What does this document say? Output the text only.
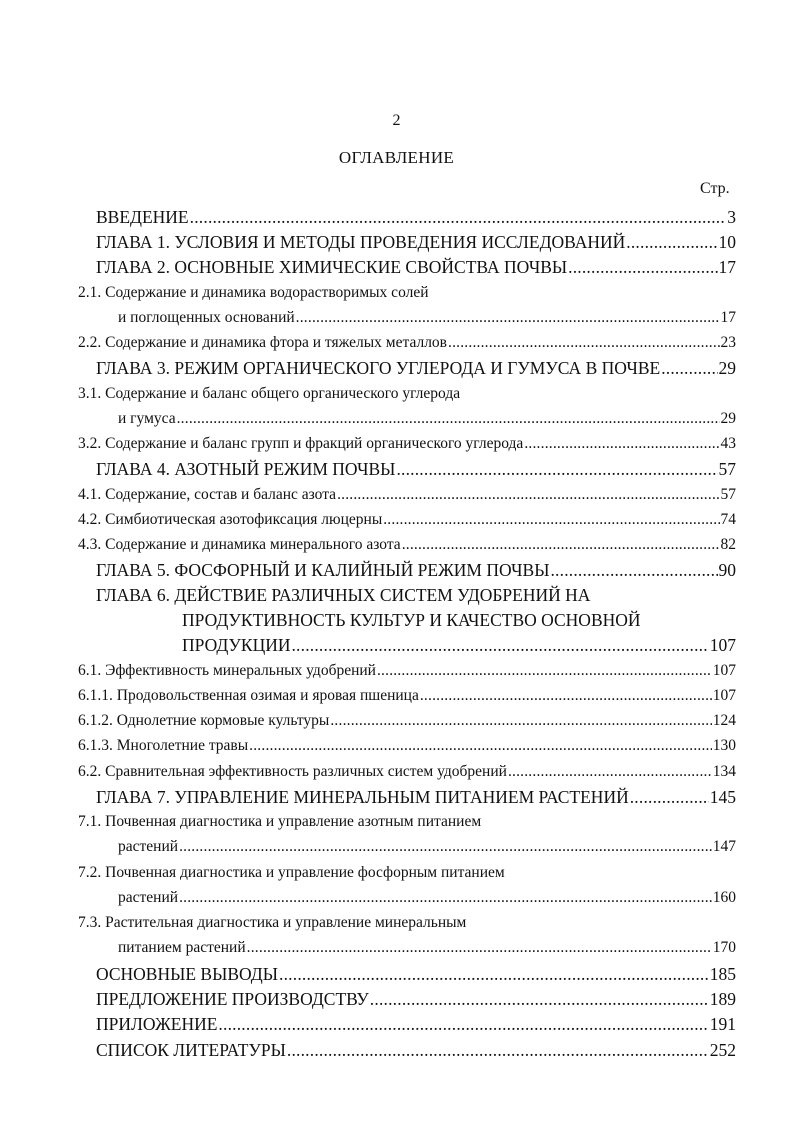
2
ОГЛАВЛЕНИЕ
Стр.
ВВЕДЕНИЕ .....	3
ГЛАВА 1. УСЛОВИЯ И МЕТОДЫ ПРОВЕДЕНИЯ ИССЛЕДОВАНИЙ .....	10
ГЛАВА 2. ОСНОВНЫЕ ХИМИЧЕСКИЕ СВОЙСТВА ПОЧВЫ .....	17
2.1. Содержание и динамика водорастворимых солей
и поглощенных оснований .....	17
2.2. Содержание и динамика фтора и тяжелых металлов .....	23
ГЛАВА 3. РЕЖИМ ОРГАНИЧЕСКОГО УГЛЕРОДА И ГУМУСА В ПОЧВЕ .....	29
3.1. Содержание и баланс общего органического углерода
и гумуса .....	29
3.2. Содержание и баланс групп и фракций органического углерода .....	43
ГЛАВА 4. АЗОТНЫЙ РЕЖИМ ПОЧВЫ .....	57
4.1. Содержание, состав и баланс азота .....	57
4.2. Симбиотическая азотофиксация люцерны .....	74
4.3. Содержание и динамика минерального азота .....	82
ГЛАВА 5. ФОСФОРНЫЙ И КАЛИЙНЫЙ РЕЖИМ ПОЧВЫ .....	90
ГЛАВА 6. ДЕЙСТВИЕ РАЗЛИЧНЫХ СИСТЕМ УДОБРЕНИЙ НА
ПРОДУКТИВНОСТЬ КУЛЬТУР И КАЧЕСТВО ОСНОВНОЙ
ПРОДУКЦИИ .....	107
6.1. Эффективность минеральных удобрений .....	107
6.1.1. Продовольственная озимая и яровая пшеница .....	107
6.1.2. Однолетние кормовые культуры .....	124
6.1.3. Многолетние травы .....	130
6.2. Сравнительная эффективность различных систем удобрений .....	134
ГЛАВА 7. УПРАВЛЕНИЕ МИНЕРАЛЬНЫМ ПИТАНИЕМ РАСТЕНИЙ .....	145
7.1. Почвенная диагностика и управление азотным питанием
растений .....	147
7.2. Почвенная диагностика и управление фосфорным питанием
растений .....	160
7.3. Растительная диагностика и управление минеральным
питанием растений .....	170
ОСНОВНЫЕ ВЫВОДЫ .....	185
ПРЕДЛОЖЕНИЕ ПРОИЗВОДСТВУ .....	189
ПРИЛОЖЕНИЕ .....	191
СПИСОК ЛИТЕРАТУРЫ .....	252
